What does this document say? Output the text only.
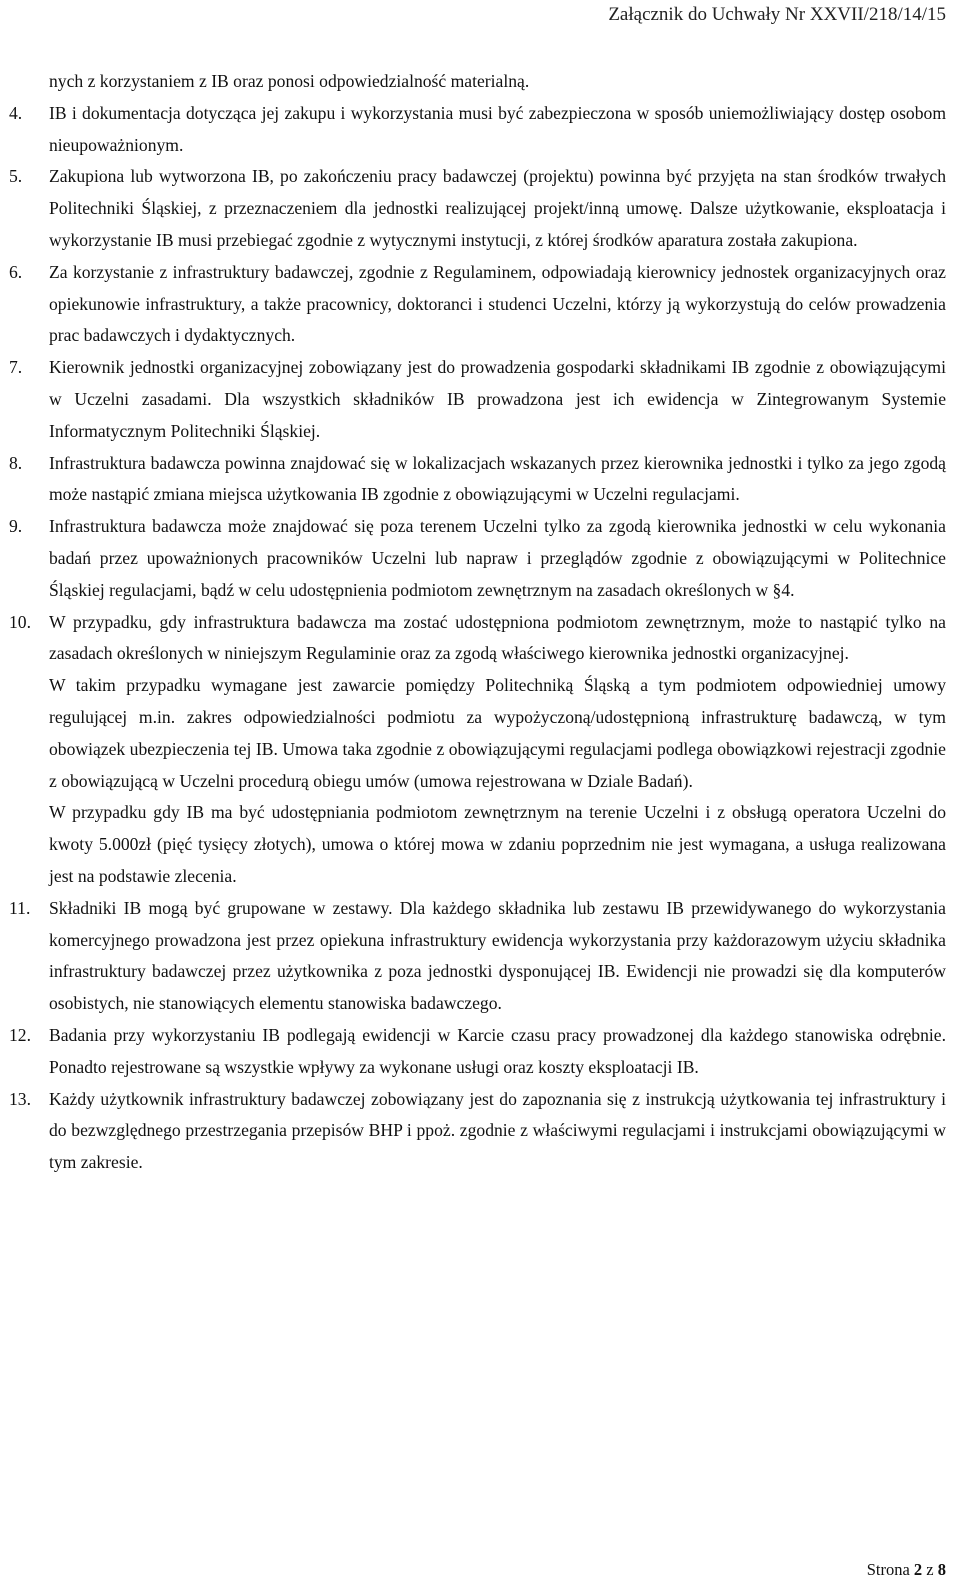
Załącznik do Uchwały Nr XXVII/218/14/15
nych z korzystaniem z IB oraz ponosi odpowiedzialność materialną.
4. IB i dokumentacja dotycząca jej zakupu i wykorzystania musi być zabezpieczona w sposób uniemożliwiający dostęp osobom nieupoważnionym.
5. Zakupiona lub wytworzona IB, po zakończeniu pracy badawczej (projektu) powinna być przyjęta na stan środków trwałych Politechniki Śląskiej, z przeznaczeniem dla jednostki realizującej projekt/inną umowę. Dalsze użytkowanie, eksploatacja i wykorzystanie IB musi przebiegać zgodnie z wytycznymi instytucji, z której środków aparatura została zakupiona.
6. Za korzystanie z infrastruktury badawczej, zgodnie z Regulaminem, odpowiadają kierownicy jednostek organizacyjnych oraz opiekunowie infrastruktury, a także pracownicy, doktoranci i studenci Uczelni, którzy ją wykorzystują do celów prowadzenia prac badawczych i dydaktycznych.
7. Kierownik jednostki organizacyjnej zobowiązany jest do prowadzenia gospodarki składnikami IB zgodnie z obowiązującymi w Uczelni zasadami. Dla wszystkich składników IB prowadzona jest ich ewidencja w Zintegrowanym Systemie Informatycznym Politechniki Śląskiej.
8. Infrastruktura badawcza powinna znajdować się w lokalizacjach wskazanych przez kierownika jednostki i tylko za jego zgodą może nastąpić zmiana miejsca użytkowania IB zgodnie z obowiązującymi w Uczelni regulacjami.
9. Infrastruktura badawcza może znajdować się poza terenem Uczelni tylko za zgodą kierownika jednostki w celu wykonania badań przez upoważnionych pracowników Uczelni lub napraw i przeglądów zgodnie z obowiązującymi w Politechnice Śląskiej regulacjami, bądź w celu udostępnienia podmiotom zewnętrznym na zasadach określonych w §4.
10. W przypadku, gdy infrastruktura badawcza ma zostać udostępniona podmiotom zewnętrznym, może to nastąpić tylko na zasadach określonych w niniejszym Regulaminie oraz za zgodą właściwego kierownika jednostki organizacyjnej.
W takim przypadku wymagane jest zawarcie pomiędzy Politechniką Śląską a tym podmiotem odpowiedniej umowy regulującej m.in. zakres odpowiedzialności podmiotu za wypożyczoną/udostępnioną infrastrukturę badawczą, w tym obowiązek ubezpieczenia tej IB. Umowa taka zgodnie z obowiązującymi regulacjami podlega obowiązkowi rejestracji zgodnie z obowiązującą w Uczelni procedurą obiegu umów (umowa rejestrowana w Dziale Badań).
W przypadku gdy IB ma być udostępniania podmiotom zewnętrznym na terenie Uczelni i z obsługą operatora Uczelni do kwoty 5.000zł (pięć tysięcy złotych), umowa o której mowa w zdaniu poprzednim nie jest wymagana, a usługa realizowana jest na podstawie zlecenia.
11. Składniki IB mogą być grupowane w zestawy. Dla każdego składnika lub zestawu IB przewidywanego do wykorzystania komercyjnego prowadzona jest przez opiekuna infrastruktury ewidencja wykorzystania przy każdorazowym użyciu składnika infrastruktury badawczej przez użytkownika z poza jednostki dysponującej IB. Ewidencji nie prowadzi się dla komputerów osobistych, nie stanowiących elementu stanowiska badawczego.
12. Badania przy wykorzystaniu IB podlegają ewidencji w Karcie czasu pracy prowadzonej dla każdego stanowiska odrębnie. Ponadto rejestrowane są wszystkie wpływy za wykonane usługi oraz koszty eksploatacji IB.
13. Każdy użytkownik infrastruktury badawczej zobowiązany jest do zapoznania się z instrukcją użytkowania tej infrastruktury i do bezwzględnego przestrzegania przepisów BHP i ppoż. zgodnie z właściwymi regulacjami i instrukcjami obowiązującymi w tym zakresie.
Strona 2 z 8
